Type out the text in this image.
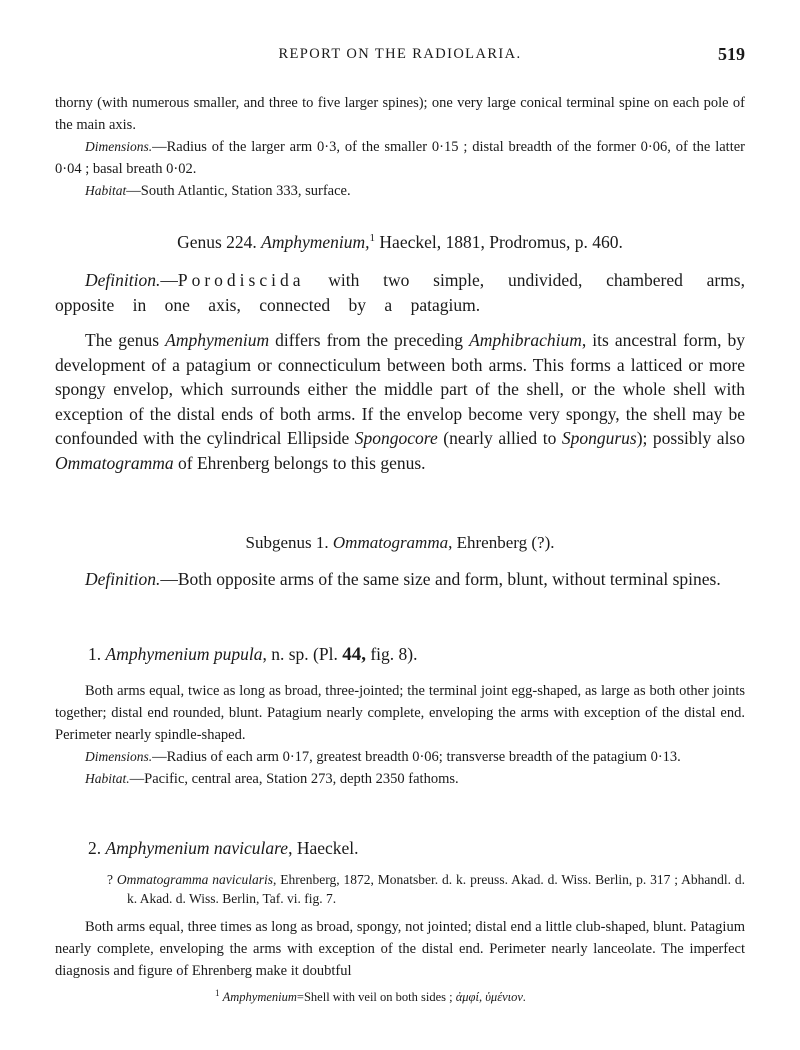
REPORT ON THE RADIOLARIA.	519

thorny (with numerous smaller, and three to five larger spines); one very large conical terminal spine on each pole of the main axis.

Dimensions.—Radius of the larger arm 0·3, of the smaller 0·15 ; distal breadth of the former 0·06, of the latter 0·04 ; basal breath 0·02.

Habitat—South Atlantic, Station 333, surface.

Genus 224. Amphymenium,$^1$ Haeckel, 1881, Prodromus, p. 460.

Definition.—Porodiscida with two simple, undivided, chambered arms, opposite in one axis, connected by a patagium.

The genus Amphymenium differs from the preceding Amphibrachium, its ancestral form, by development of a patagium or connecticulum between both arms. This forms a latticed or more spongy envelop, which surrounds either the middle part of the shell, or the whole shell with exception of the distal ends of both arms. If the envelop become very spongy, the shell may be confounded with the cylindrical Ellipside Spongocore (nearly allied to Spongurus); possibly also Ommatogramma of Ehrenberg belongs to this genus.

Subgenus 1. Ommatogramma, Ehrenberg (?).

Definition.—Both opposite arms of the same size and form, blunt, without terminal spines.

1. Amphymenium pupula, n. sp. (Pl. 44, fig. 8).

Both arms equal, twice as long as broad, three-jointed; the terminal joint egg-shaped, as large as both other joints together; distal end rounded, blunt. Patagium nearly complete, enveloping the arms with exception of the distal end. Perimeter nearly spindle-shaped.

Dimensions.—Radius of each arm 0·17, greatest breadth 0·06; transverse breadth of the patagium 0·13.

Habitat.—Pacific, central area, Station 273, depth 2350 fathoms.

2. Amphymenium naviculare, Haeckel.

? Ommatogramma navicularis, Ehrenberg, 1872, Monatsber. d. k. preuss. Akad. d. Wiss. Berlin, p. 317 ; Abhandl. d. k. Akad. d. Wiss. Berlin, Taf. vi. fig. 7.

Both arms equal, three times as long as broad, spongy, not jointed; distal end a little club-shaped, blunt. Patagium nearly complete, enveloping the arms with exception of the distal end. Perimeter nearly lanceolate. The imperfect diagnosis and figure of Ehrenberg make it doubtful

$^1$ Amphymenium=Shell with veil on both sides ; ἀμφί, ὑμένιον.
